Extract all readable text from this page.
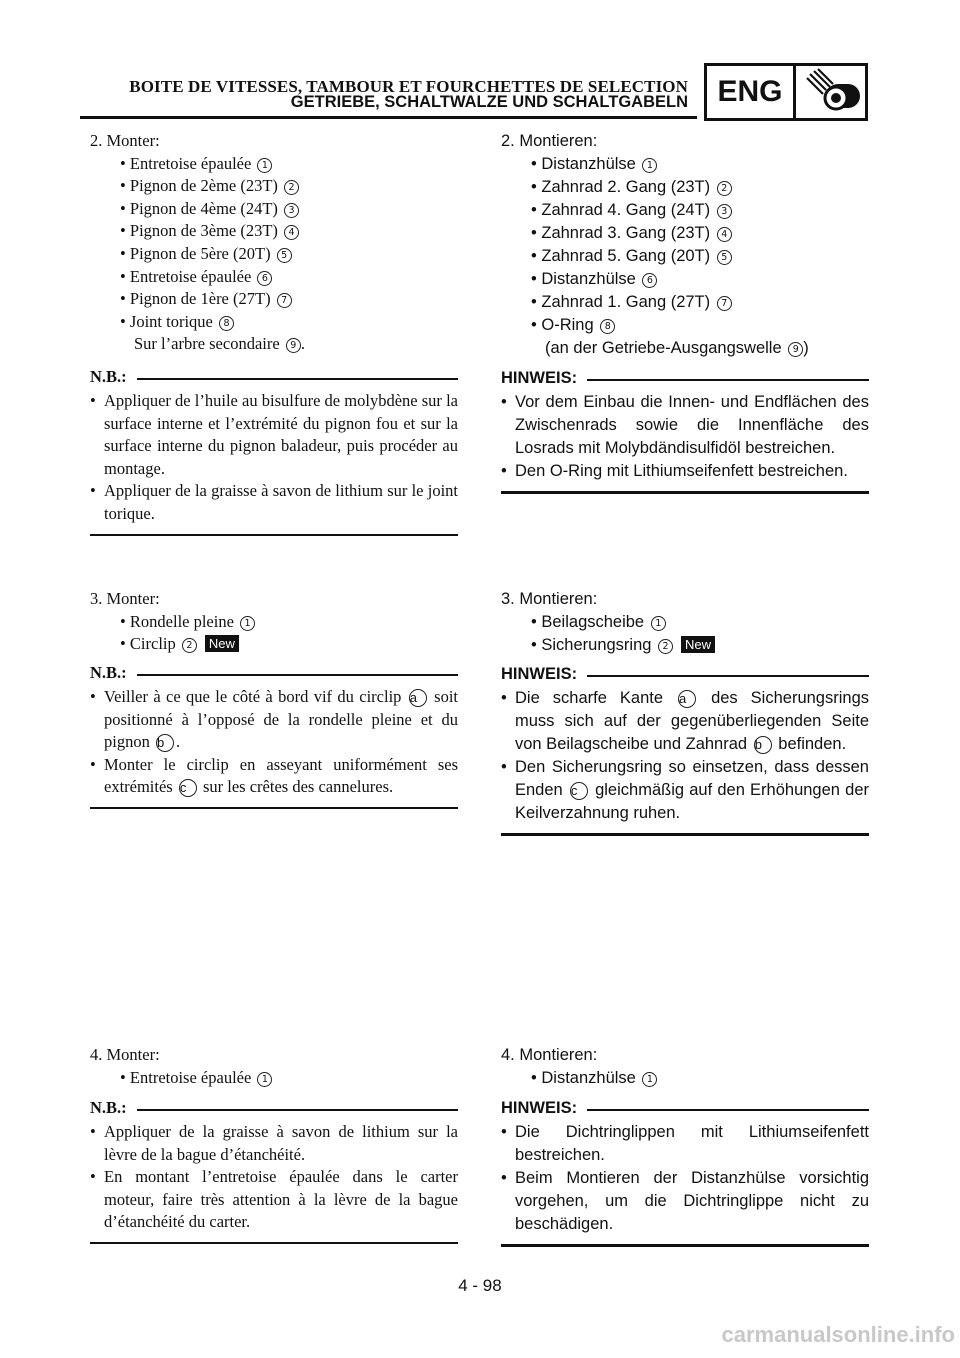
BOITE DE VITESSES, TAMBOUR ET FOURCHETTES DE SELECTION
GETRIEBE, SCHALTWALZE UND SCHALTGABELN ENG
2. Monter:
• Entretoise épaulée 1
• Pignon de 2ème (23T) 2
• Pignon de 4ème (24T) 3
• Pignon de 3ème (23T) 4
• Pignon de 5ère (20T) 5
• Entretoise épaulée 6
• Pignon de 1ère (27T) 7
• Joint torique 8
Sur l’arbre secondaire 9 .
N.B.:
• Appliquer de l’huile au bisulfure de molybdène sur la surface interne et l’extrémité du pignon fou et sur la surface interne du pignon baladeur, puis procéder au montage.
• Appliquer de la graisse à savon de lithium sur le joint torique.
3. Monter:
• Rondelle pleine 1
• Circlip 2 New
N.B.:
• Veiller à ce que le côté à bord vif du circlip a soit positionné à l’opposé de la rondelle pleine et du pignon b .
• Monter le circlip en asseyant uniformément ses extrémités c sur les crêtes des cannelures.
4. Monter:
• Entretoise épaulée 1
N.B.:
• Appliquer de la graisse à savon de lithium sur la lèvre de la bague d’étanchéité.
• En montant l’entretoise épaulée dans le carter moteur, faire très attention à la lèvre de la bague d’étanchéité du carter.
2. Montieren:
• Distanzhülse 1
• Zahnrad 2. Gang (23T) 2
• Zahnrad 4. Gang (24T) 3
• Zahnrad 3. Gang (23T) 4
• Zahnrad 5. Gang (20T) 5
• Distanzhülse 6
• Zahnrad 1. Gang (27T) 7
• O-Ring 8
(an der Getriebe-Ausgangswelle 9 )
HINWEIS:
• Vor dem Einbau die Innen- und Endflächen des Zwischenrads sowie die Innenfläche des Losrads mit Molybdändisulfidöl bestreichen.
• Den O-Ring mit Lithiumseifenfett bestreichen.
3. Montieren:
• Beilagscheibe 1
• Sicherungsring 2 New
HINWEIS:
• Die scharfe Kante a des Sicherungsrings muss sich auf der gegenüberliegenden Seite von Beilagscheibe und Zahnrad b befinden.
• Den Sicherungsring so einsetzen, dass dessen Enden c gleichmäßig auf den Erhöhungen der Keilverzahnung ruhen.
4. Montieren:
• Distanzhülse 1
HINWEIS:
• Die Dichtringlippen mit Lithiumseifenfett bestreichen.
• Beim Montieren der Distanzhülse vorsichtig vorgehen, um die Dichtringlippe nicht zu beschädigen.
4 - 98
carmanualsonline.info
